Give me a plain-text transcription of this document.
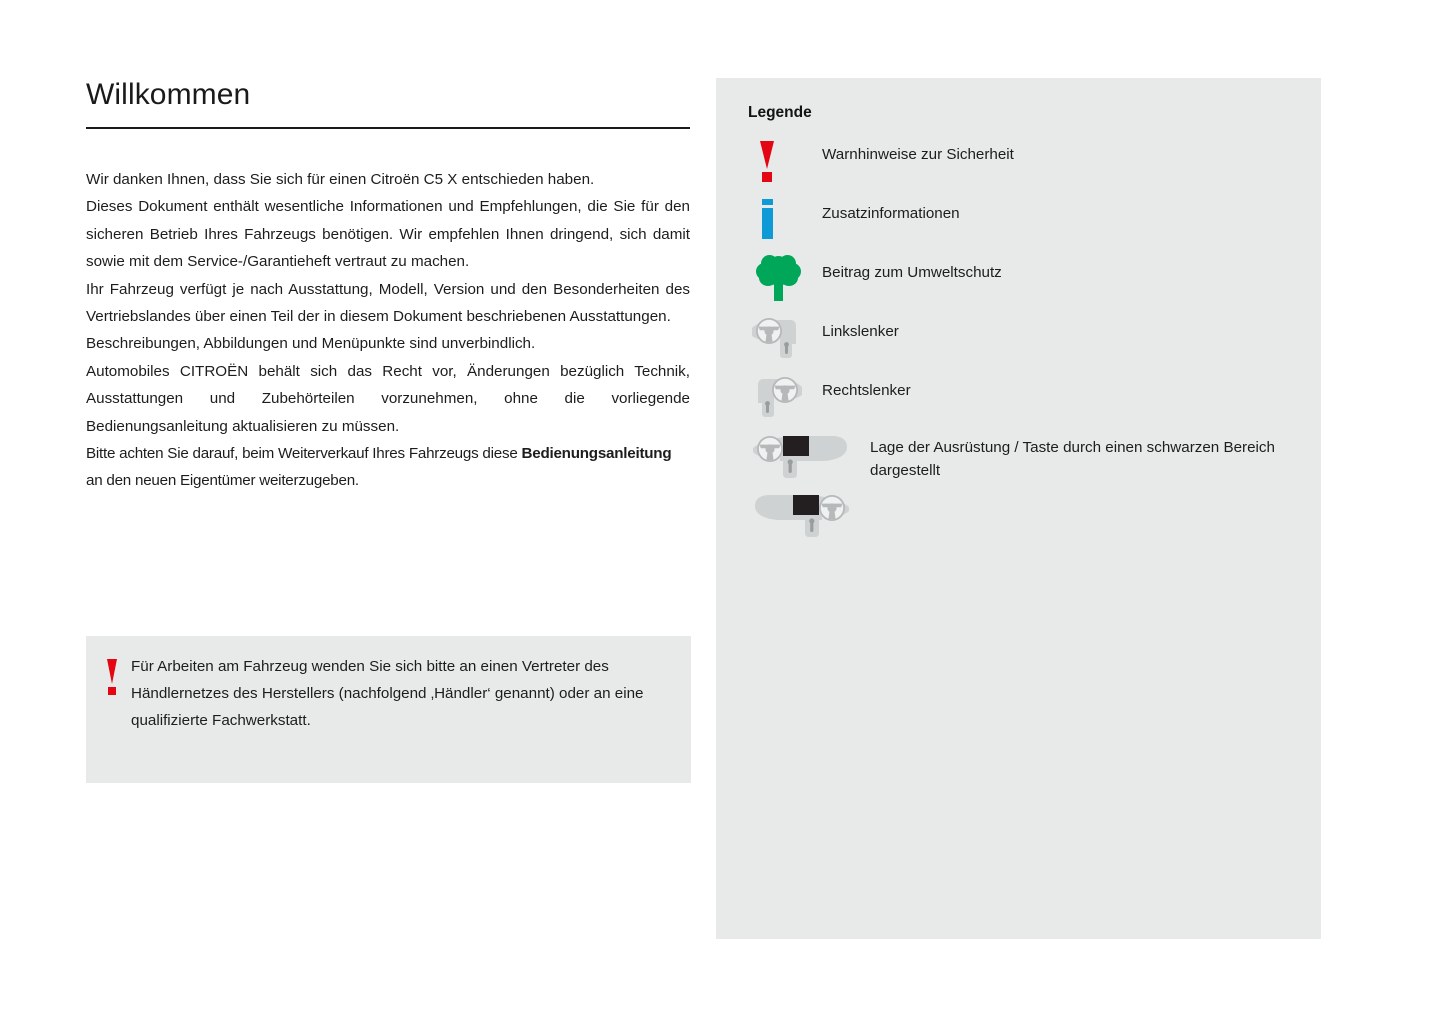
Willkommen

Wir danken Ihnen, dass Sie sich für einen Citroën C5 X entschieden haben.

Dieses Dokument enthält wesentliche Informationen und Empfehlungen, die Sie für den sicheren Betrieb Ihres Fahrzeugs benötigen. Wir empfehlen Ihnen dringend, sich damit sowie mit dem Service-/Garantieheft vertraut zu machen.

Ihr Fahrzeug verfügt je nach Ausstattung, Modell, Version und den Besonderheiten des Vertriebslandes über einen Teil der in diesem Dokument beschriebenen Ausstattungen.

Beschreibungen, Abbildungen und Menüpunkte sind unverbindlich.

Automobiles CITROËN behält sich das Recht vor, Änderungen bezüglich Technik, Ausstattungen und Zubehörteilen vorzunehmen, ohne die vorliegende Bedienungsanleitung aktualisieren zu müssen.

Bitte achten Sie darauf, beim Weiterverkauf Ihres Fahrzeugs diese Bedienungsanleitung an den neuen Eigentümer weiterzugeben.

Für Arbeiten am Fahrzeug wenden Sie sich bitte an einen Vertreter des Händlernetzes des Herstellers (nachfolgend ‚Händler‘ genannt) oder an eine qualifizierte Fachwerkstatt.
Legende
Warnhinweise zur Sicherheit
Zusatzinformationen
Beitrag zum Umweltschutz
Linkslenker
Rechtslenker
Lage der Ausrüstung / Taste durch einen schwarzen Bereich dargestellt
